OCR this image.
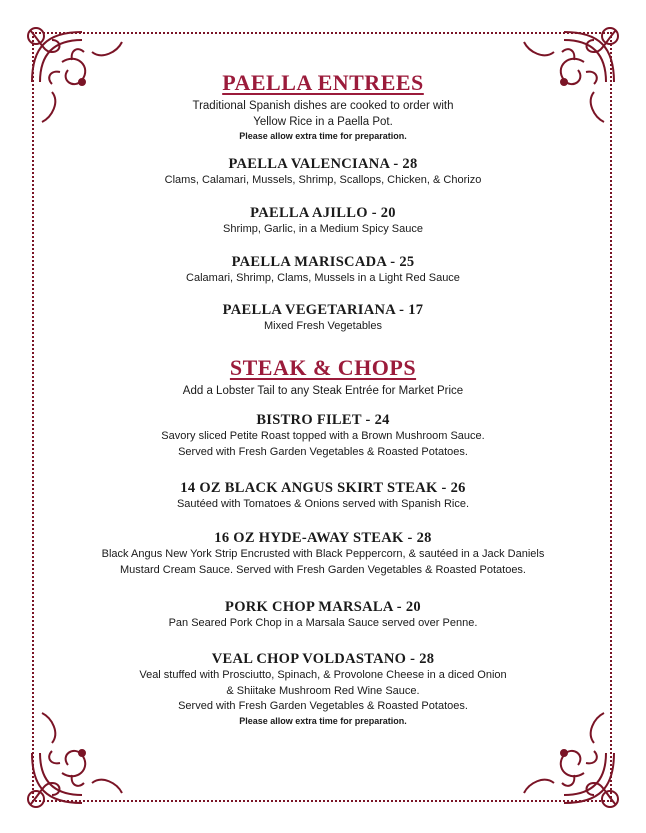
PAELLA ENTREES

Traditional Spanish dishes are cooked to order with

Yellow Rice in a Paella Pot.

Please allow extra time for preparation.

PAELLA VALENCIANA - 28

Clams, Calamari, Mussels, Shrimp, Scallops, Chicken, & Chorizo

PAELLA AJILLO - 20

Shrimp, Garlic, in a Medium Spicy Sauce

PAELLA MARISCADA - 25

Calamari, Shrimp, Clams, Mussels in a Light Red Sauce

PAELLA VEGETARIANA - 17

Mixed Fresh Vegetables

STEAK & CHOPS

Add a Lobster Tail to any Steak Entrée for Market Price

BISTRO FILET - 24

Savory sliced Petite Roast topped with a Brown Mushroom Sauce.

Served with Fresh Garden Vegetables & Roasted Potatoes.

14 OZ BLACK ANGUS SKIRT STEAK - 26

Sautéed with Tomatoes & Onions served with Spanish Rice.

16 OZ HYDE-AWAY STEAK - 28

Black Angus New York Strip Encrusted with Black Peppercorn, & sautéed in a Jack Daniels

Mustard Cream Sauce. Served with Fresh Garden Vegetables & Roasted Potatoes.

PORK CHOP MARSALA - 20

Pan Seared Pork Chop in a Marsala Sauce served over Penne.

VEAL CHOP VOLDASTANO - 28

Veal stuffed with Prosciutto, Spinach, & Provolone Cheese in a diced Onion

& Shiitake Mushroom Red Wine Sauce.

Served with Fresh Garden Vegetables & Roasted Potatoes.

Please allow extra time for preparation.
